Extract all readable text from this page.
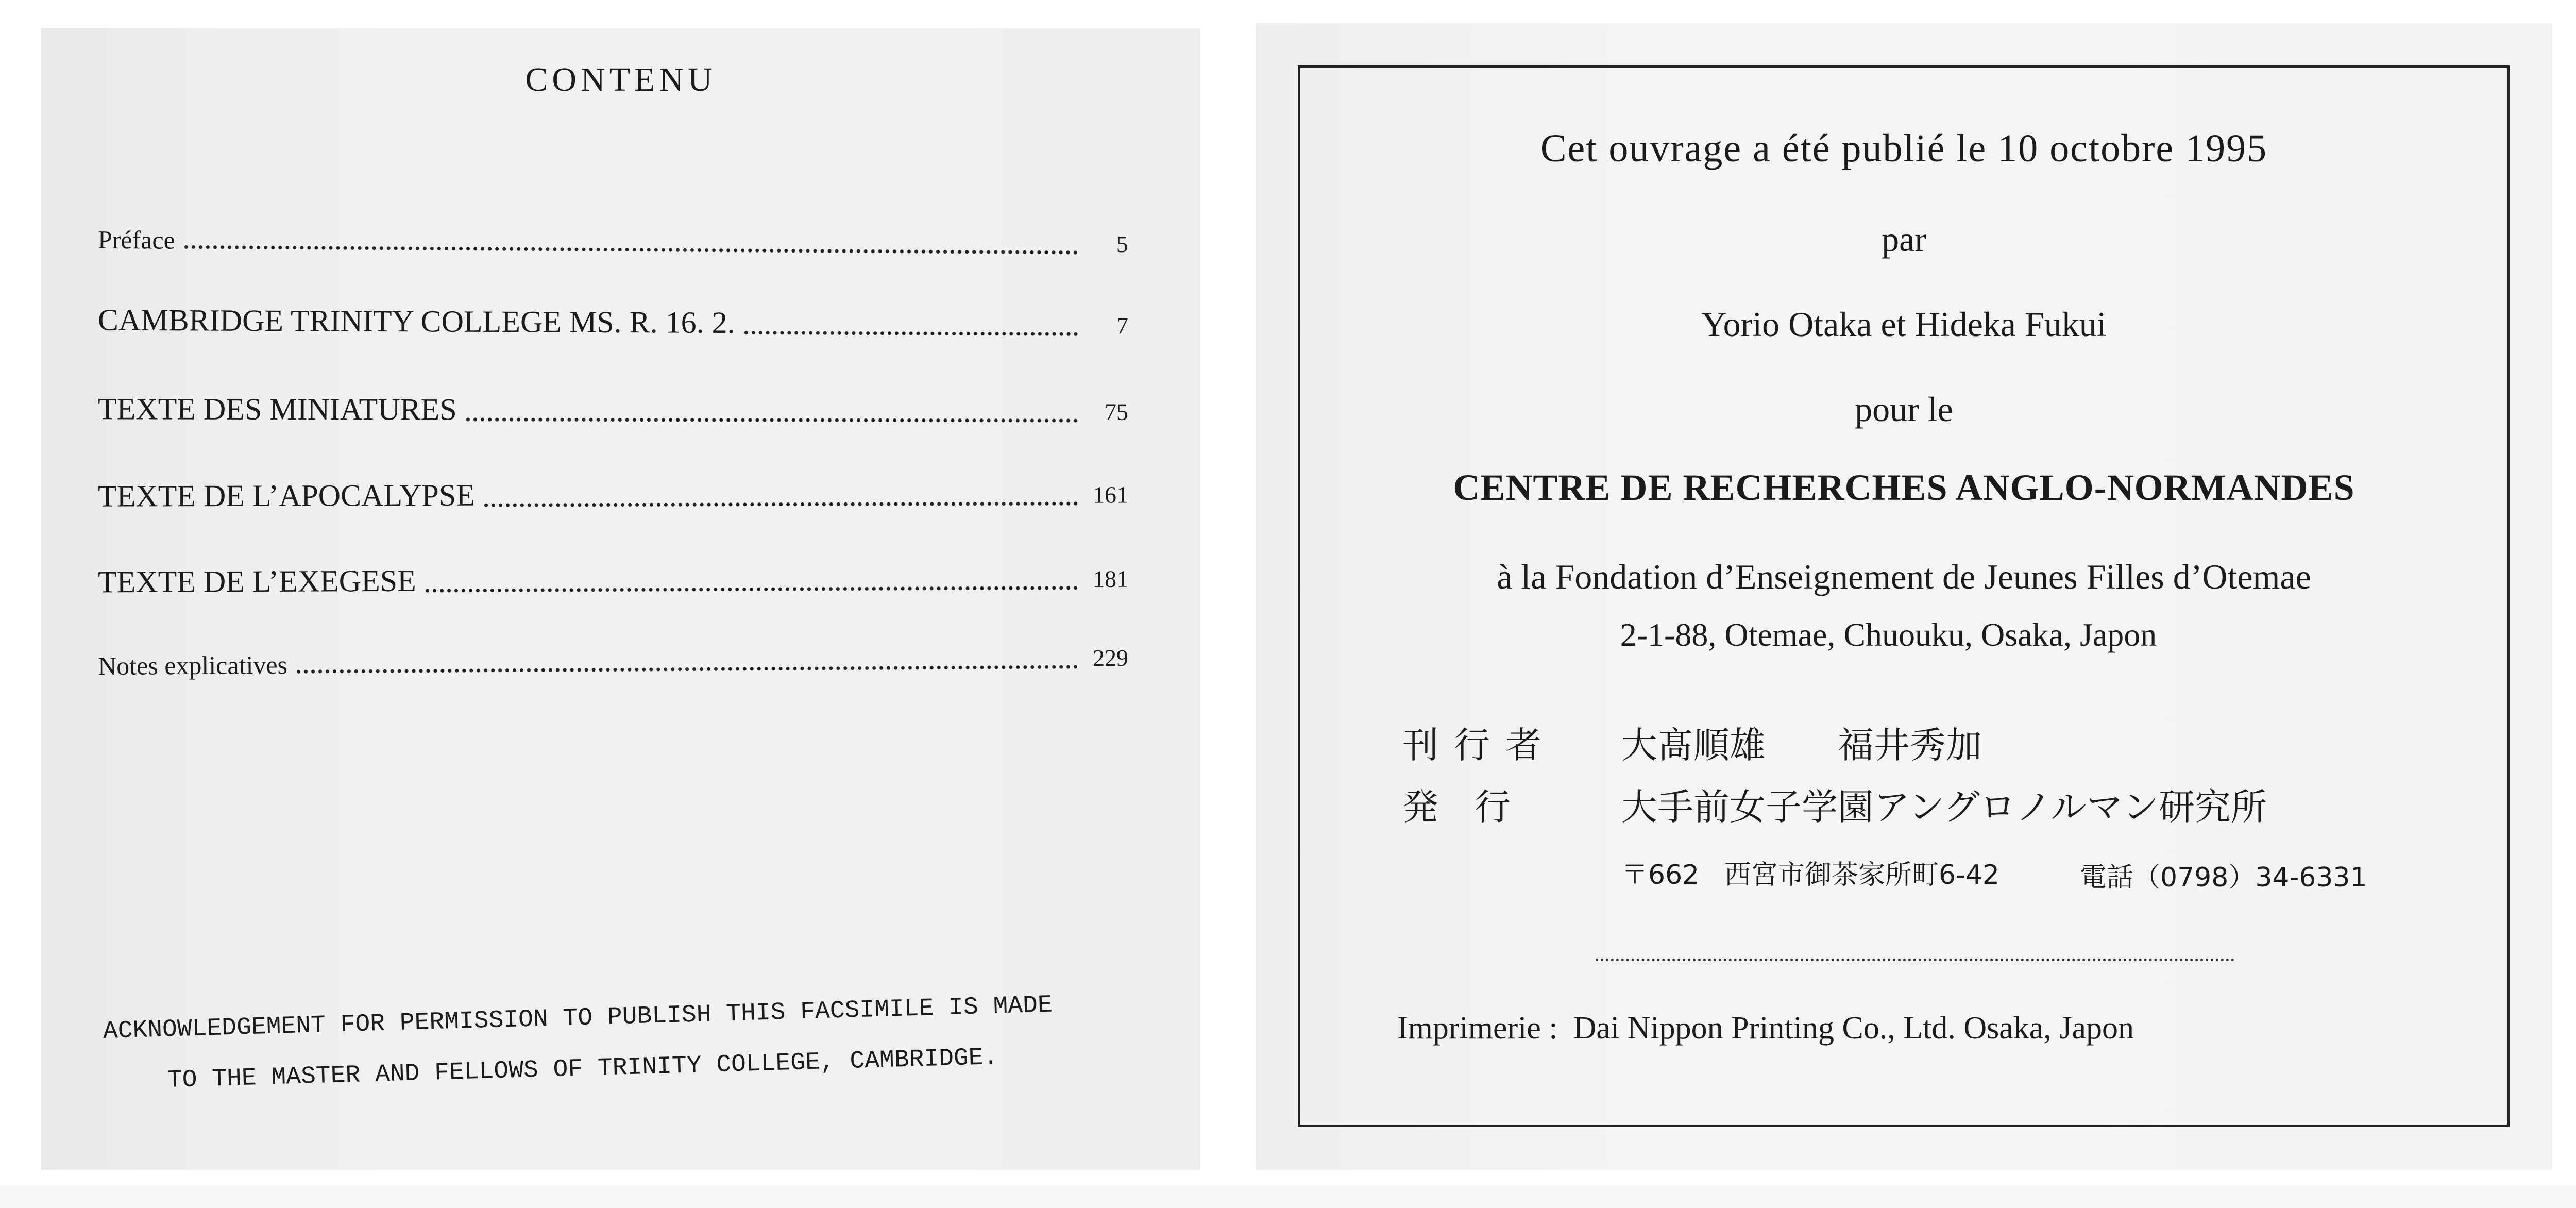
CONTENU
Préface	5
CAMBRIDGE TRINITY COLLEGE MS. R. 16. 2.	7
TEXTE DES MINIATURES	75
TEXTE DE L’APOCALYPSE	161
TEXTE DE L’EXEGESE	181
Notes explicatives	229
ACKNOWLEDGEMENT FOR PERMISSION TO PUBLISH THIS FACSIMILE IS MADE
TO THE MASTER AND FELLOWS OF TRINITY COLLEGE, CAMBRIDGE.
Cet ouvrage a été publié le 10 octobre 1995
par
Yorio Otaka et Hideka Fukui
pour le
CENTRE DE RECHERCHES ANGLO-NORMANDES
à la Fondation d’Enseignement de Jeunes Filles d’Otemae
2-1-88, Otemae, Chuouku, Osaka, Japon
刊行者 大髙順雄　　福井秀加
発　行	大手前女子学園アングロノルマン研究所
〒662 西宮市御茶家所町6-42	電話（0798）34-6331
Imprimerie : Dai Nippon Printing Co., Ltd. Osaka, Japon
